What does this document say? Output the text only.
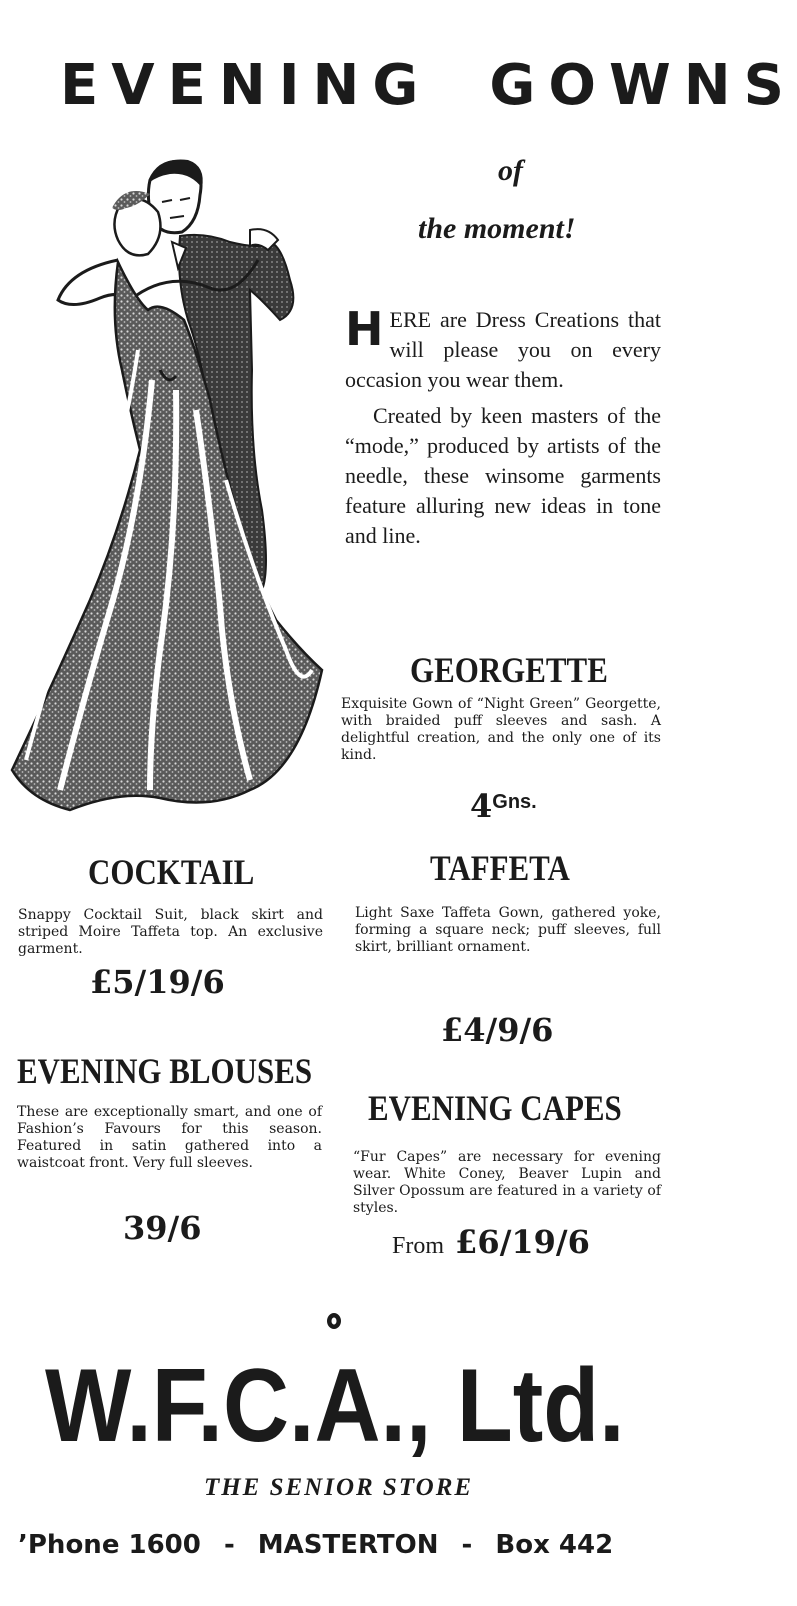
EVENING GOWNS
of
the moment!

HERE are Dress Creations that will please you on every occasion you wear them.

Created by keen masters of the “mode,” produced by artists of the needle, these winsome garments feature alluring new ideas in tone and line.

GEORGETTE
Exquisite Gown of “Night Green” Georgette, with braided puff sleeves and sash. A delightful creation, and the only one of its kind.
$4^{Gns.}$
COCKTAIL
Snappy Cocktail Suit, black skirt and striped Moire Taffeta top. An exclusive garment.
£5/19/6
TAFFETA
Light Saxe Taffeta Gown, gathered yoke, forming a square neck; puff sleeves, full skirt, brilliant ornament.
£4/9/6
EVENING BLOUSES
These are exceptionally smart, and one of Fashion’s Favours for this season. Featured in satin gathered into a waistcoat front. Very full sleeves.
39/6
EVENING CAPES
“Fur Capes” are necessary for evening wear. White Coney, Beaver Lupin and Silver Opossum are featured in a variety of styles.
From £6/19/6
W.F.C.A., Ltd.
THE SENIOR STORE
’Phone 1600 - MASTERTON - Box 442
